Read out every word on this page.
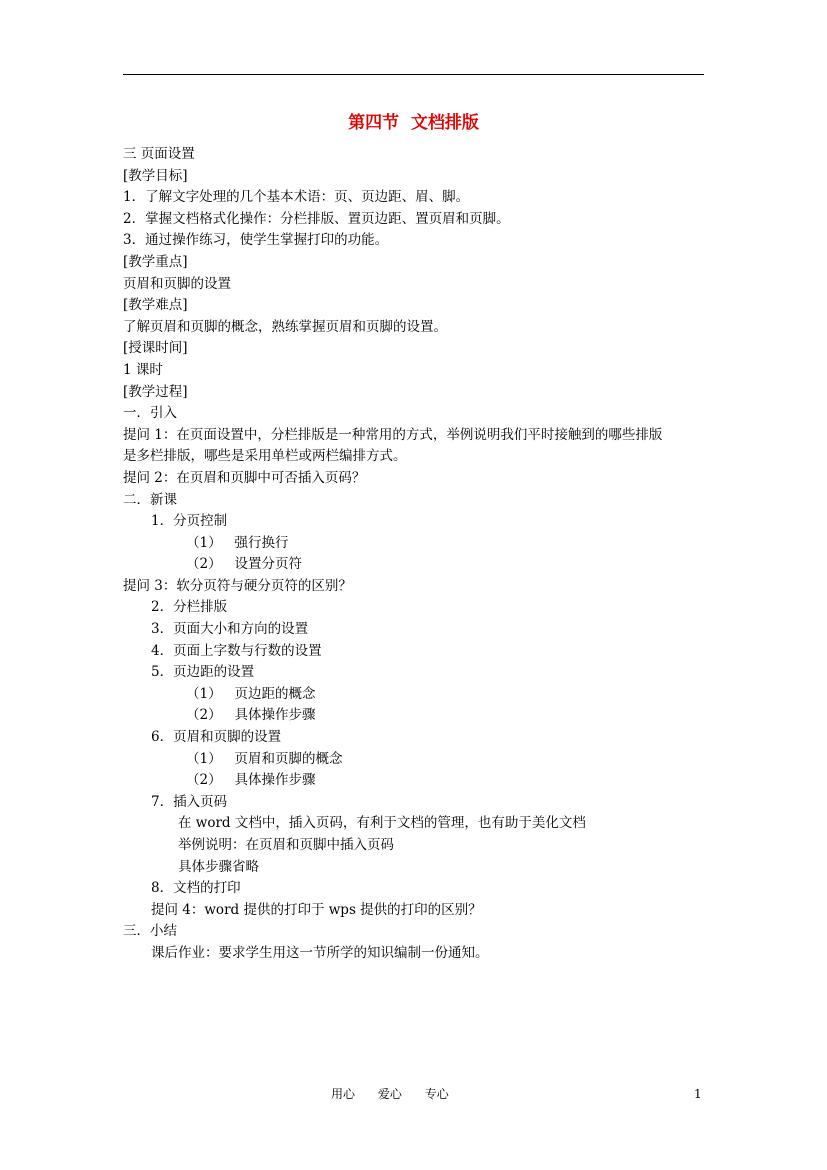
第四节  文档排版
三 页面设置
[教学目标]
1．了解文字处理的几个基本术语：页、页边距、眉、脚。
2．掌握文档格式化操作：分栏排版、置页边距、置页眉和页脚。
3．通过操作练习，使学生掌握打印的功能。
[教学重点]
页眉和页脚的设置
[教学难点]
了解页眉和页脚的概念，熟练掌握页眉和页脚的设置。
[授课时间]
1 课时
[教学过程]
一．引入
提问 1：在页面设置中，分栏排版是一种常用的方式，举例说明我们平时接触到的哪些排版
是多栏排版，哪些是采用单栏或两栏编排方式。
提问 2：在页眉和页脚中可否插入页码？
二．新课
1．分页控制
（1）   强行换行
（2）   设置分页符
提问 3：软分页符与硬分页符的区别？
2．分栏排版
3．页面大小和方向的设置
4．页面上字数与行数的设置
5．页边距的设置
（1）   页边距的概念
（2）   具体操作步骤
6．页眉和页脚的设置
（1）   页眉和页脚的概念
（2）   具体操作步骤
7．插入页码
在 word 文档中，插入页码，有利于文档的管理，也有助于美化文档
举例说明：在页眉和页脚中插入页码
具体步骤省略
8．文档的打印
提问 4：word 提供的打印于 wps 提供的打印的区别？
三．小结
课后作业：要求学生用这一节所学的知识编制一份通知。
用心      爱心      专心	1
